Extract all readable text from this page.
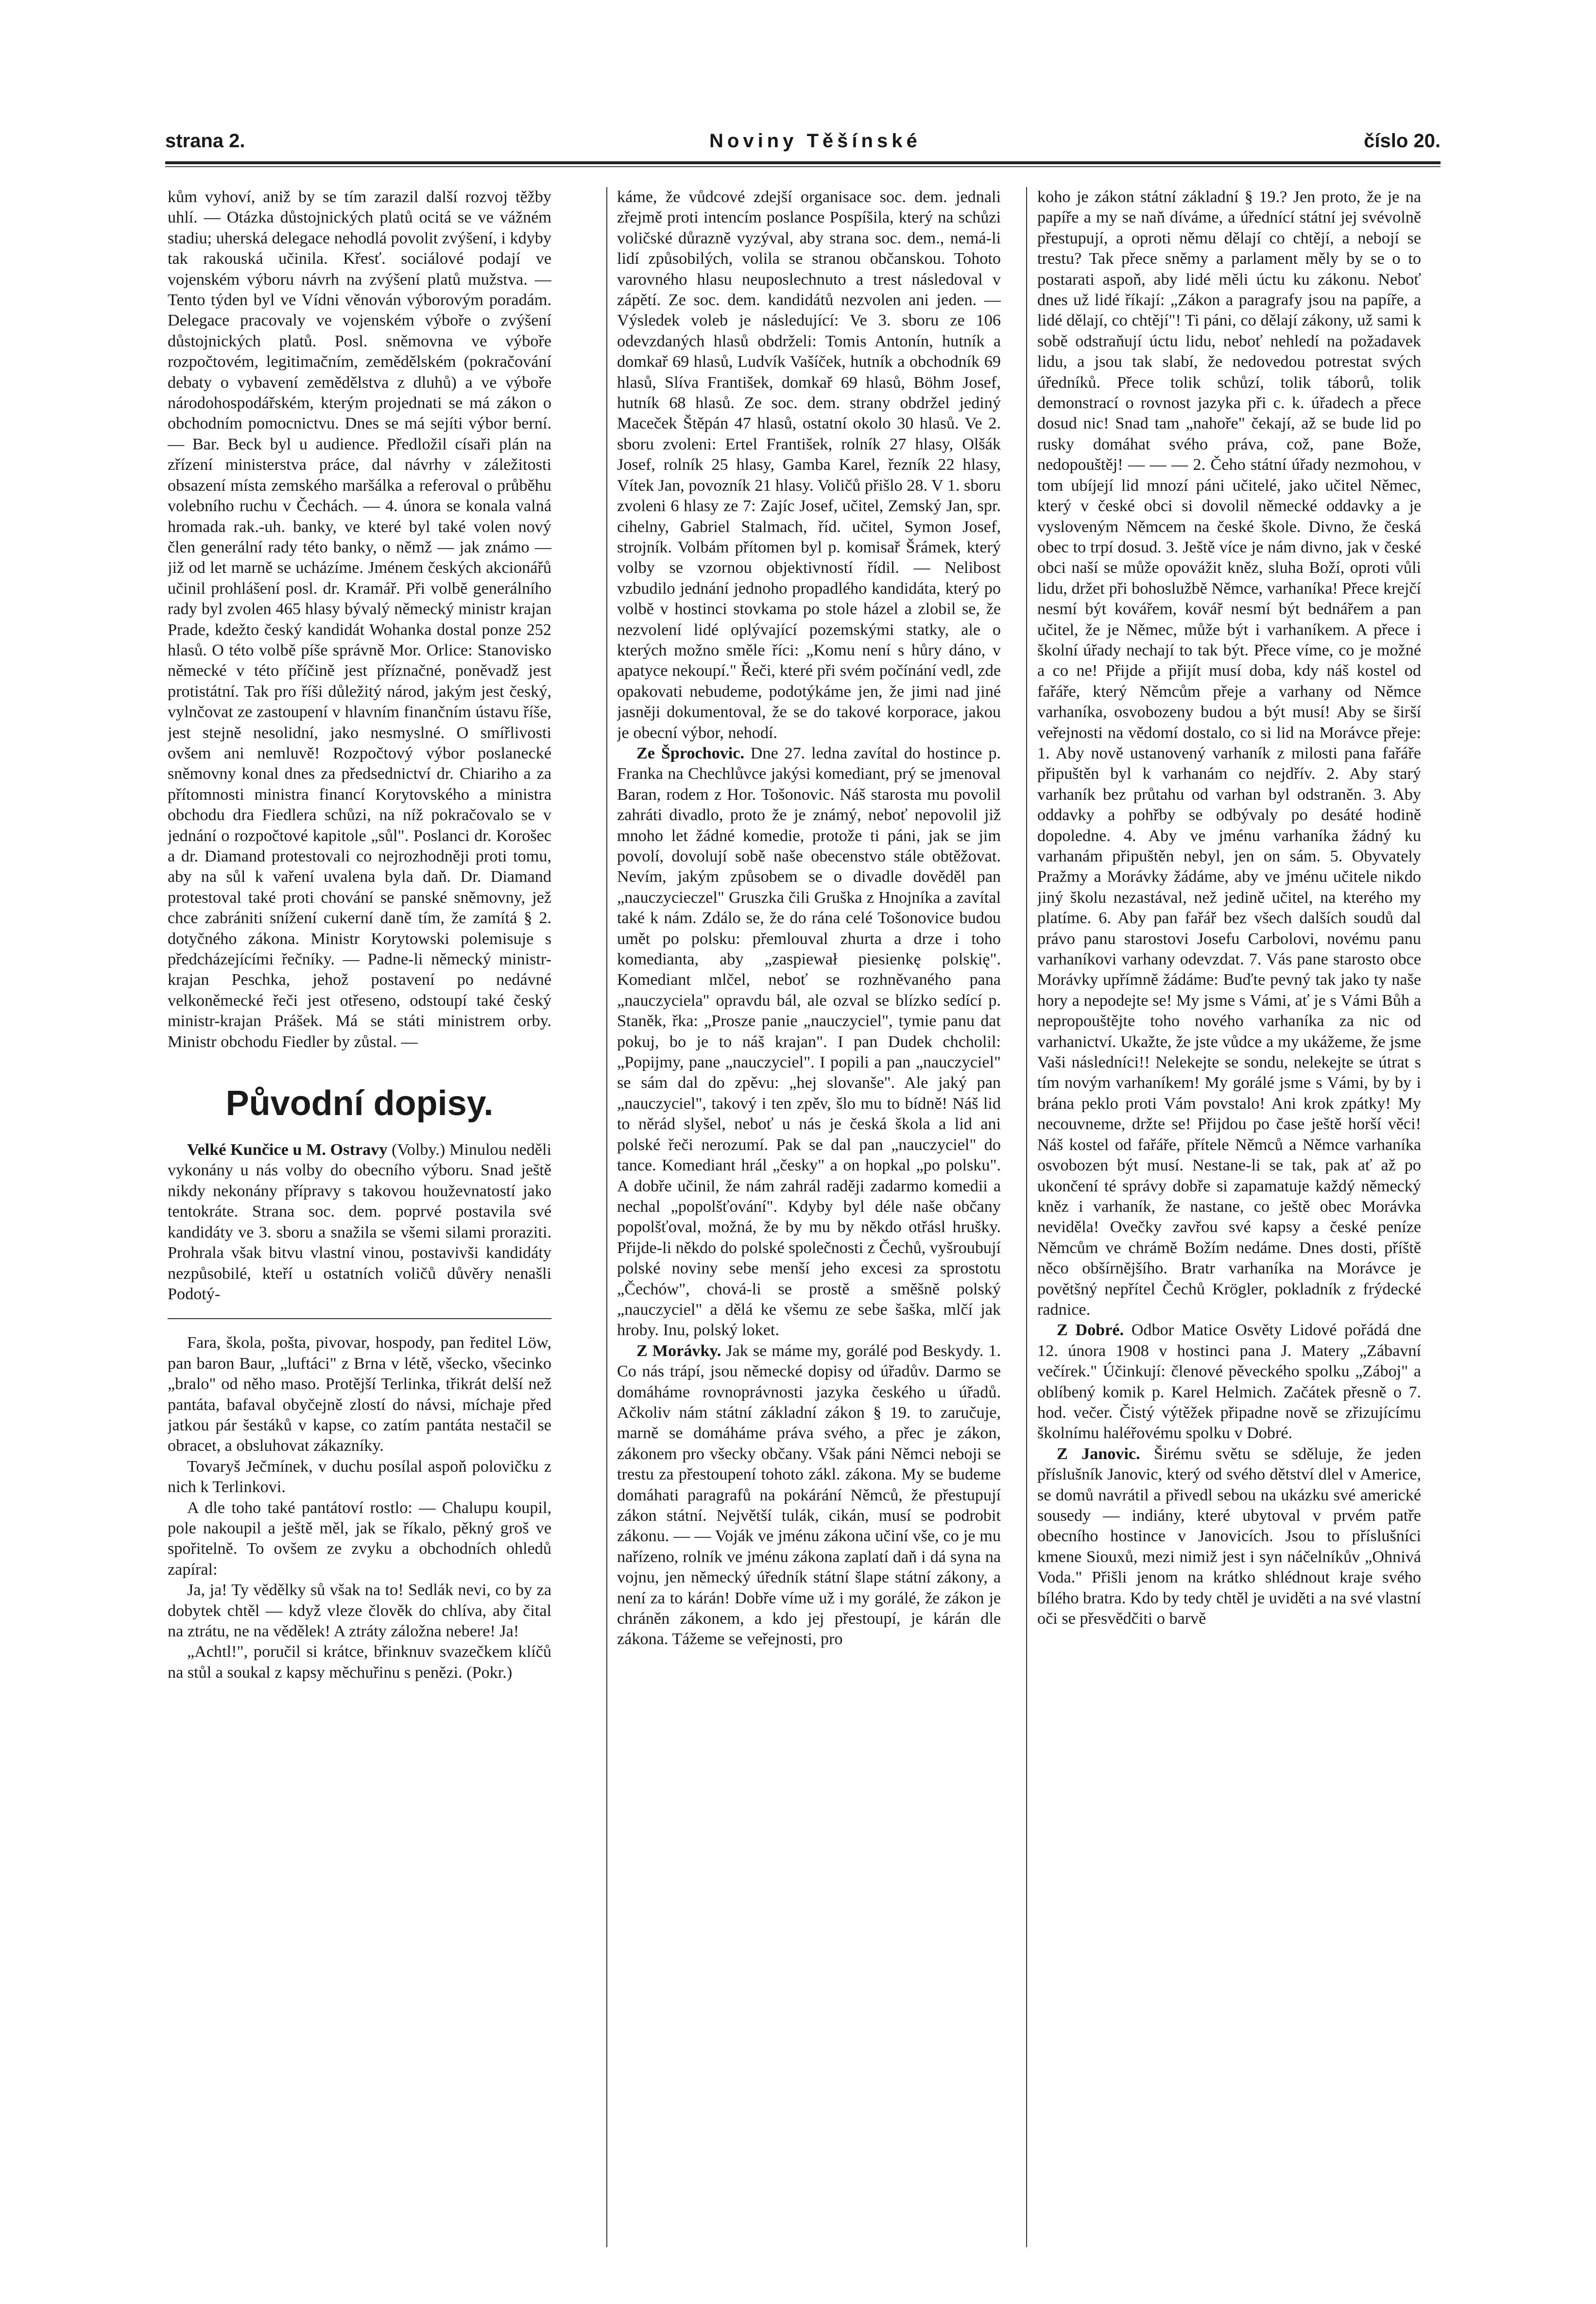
strana 2.	Noviny Těšínské	číslo 20.

kům vyhoví, aniž by se tím zarazil další rozvoj těžby uhlí. — Otázka důstojnických platů ocitá se ve vážném stadiu; uherská delegace nehodlá povolit zvýšení, i kdyby tak rakouská učinila. Křesť. sociálové podají ve vojenském výboru návrh na zvýšení platů mužstva. — Tento týden byl ve Vídni věnován výborovým poradám. Delegace pracovaly ve vojenském výboře o zvýšení důstojnických platů. Posl. sněmovna ve výboře rozpočtovém, legitimačním, zemědělském (pokračování debaty o vybavení zemědělstva z dluhů) a ve výboře národohospodářském, kterým projednati se má zákon o obchodním pomocnictvu. Dnes se má sejíti výbor berní. — Bar. Beck byl u audience. Předložil císaři plán na zřízení ministerstva práce, dal návrhy v záležitosti obsazení místa zemského maršálka a referoval o průběhu volebního ruchu v Čechách. — 4. února se konala valná hromada rak.-uh. banky, ve které byl také volen nový člen generální rady této banky, o němž — jak známo — již od let marně se ucházíme. Jménem českých akcionářů učinil prohlášení posl. dr. Kramář. Při volbě generálního rady byl zvolen 465 hlasy bývalý německý ministr krajan Prade, kdežto český kandidát Wohanka dostal ponze 252 hlasů. O této volbě píše správně Mor. Orlice: Stanovisko německé v této příčině jest příznačné, poněvadž jest protistátní. Tak pro říši důležitý národ, jakým jest český, vylnčovat ze zastoupení v hlavním finančním ústavu říše, jest stejně nesolidní, jako nesmyslné. O smířlivosti ovšem ani nemluvě! Rozpočtový výbor poslanecké sněmovny konal dnes za předsednictví dr. Chiariho a za přítomnosti ministra financí Korytovského a ministra obchodu dra Fiedlera schůzi, na níž pokračovalo se v jednání o rozpočtové kapitole „sůl". Poslanci dr. Korošec a dr. Diamand protestovali co nejrozhodněji proti tomu, aby na sůl k vaření uvalena byla daň. Dr. Diamand protestoval také proti chování se panské sněmovny, jež chce zabrániti snížení cukerní daně tím, že zamítá § 2. dotyčného zákona. Ministr Korytowski polemisuje s předcházejícími řečníky. — Padne-li německý ministr-krajan Peschka, jehož postavení po nedávné velkoněmecké řeči jest otřeseno, odstoupí také český ministr-krajan Prášek. Má se státi ministrem orby. Ministr obchodu Fiedler by zůstal. —

Původní dopisy.

Velké Kunčice u M. Ostravy (Volby.) Minulou neděli vykonány u nás volby do obecního výboru. Snad ještě nikdy nekonány přípravy s takovou houževnatostí jako tentokráte. Strana soc. dem. poprvé postavila své kandidáty ve 3. sboru a snažila se všemi silami proraziti. Prohrala však bitvu vlastní vinou, postavivši kandidáty nezpůsobilé, kteří u ostatních voličů důvěry nenašli Podotý-

Fara, škola, pošta, pivovar, hospody, pan ředitel Löw, pan baron Baur, „luftáci" z Brna v létě, všecko, všecinko „bralo" od něho maso. Protější Terlinka, třikrát delší než pantáta, bafaval obyčejně zlostí do návsi, míchaje před jatkou pár šestáků v kapse, co zatím pantáta nestačil se obracet, a obsluhovat zákazníky.

Tovaryš Ječmínek, v duchu posílal aspoň polovičku z nich k Terlinkovi.

A dle toho také pantátoví rostlo: — Chalupu koupil, pole nakoupil a ještě měl, jak se říkalo, pěkný groš ve spořitelně. To ovšem ze zvyku a obchodních ohledů zapíral:

Ja, ja! Ty vědělky sů však na to! Sedlák nevi, co by za dobytek chtěl — když vleze člověk do chlíva, aby čital na ztrátu, ne na vědělek! A ztráty záložna nebere! Ja!

„Achtl!", poručil si krátce, břinknuv svazečkem klíčů na stůl a soukal z kapsy měchuřinu s penězi. (Pokr.)

káme, že vůdcové zdejší organisace soc. dem. jednali zřejmě proti intencím poslance Pospíšila, který na schůzi voličské důrazně vyzýval, aby strana soc. dem., nemá-li lidí způsobilých, volila se stranou občanskou. Tohoto varovného hlasu neuposlechnuto a trest následoval v zápětí. Ze soc. dem. kandidátů nezvolen ani jeden. — Výsledek voleb je následující: Ve 3. sboru ze 106 odevzdaných hlasů obdrželi: Tomis Antonín, hutník a domkař 69 hlasů, Ludvík Vašíček, hutník a obchodník 69 hlasů, Slíva František, domkař 69 hlasů, Böhm Josef, hutník 68 hlasů. Ze soc. dem. strany obdržel jediný Maceček Štěpán 47 hlasů, ostatní okolo 30 hlasů. Ve 2. sboru zvoleni: Ertel František, rolník 27 hlasy, Olšák Josef, rolník 25 hlasy, Gamba Karel, řezník 22 hlasy, Vítek Jan, povozník 21 hlasy. Voličů přišlo 28. V 1. sboru zvoleni 6 hlasy ze 7: Zajíc Josef, učitel, Zemský Jan, spr. cihelny, Gabriel Stalmach, říd. učitel, Symon Josef, strojník. Volbám přítomen byl p. komisař Šrámek, který volby se vzornou objektivností řídil. — Nelibost vzbudilo jednání jednoho propadlého kandidáta, který po volbě v hostinci stovkama po stole házel a zlobil se, že nezvolení lidé oplývající pozemskými statky, ale o kterých možno směle říci: „Komu není s hůry dáno, v apatyce nekoupí." Řeči, které při svém počínání vedl, zde opakovati nebudeme, podotýkáme jen, že jimi nad jiné jasněji dokumentoval, že se do takové korporace, jakou je obecní výbor, nehodí.

Ze Šprochovic. Dne 27. ledna zavítal do hostince p. Franka na Chechlůvce jakýsi komediant, prý se jmenoval Baran, rodem z Hor. Tošonovic. Náš starosta mu povolil zahráti divadlo, proto že je známý, neboť nepovolil již mnoho let žádné komedie, protože ti páni, jak se jim povolí, dovolují sobě naše obecenstvo stále obtěžovat. Nevím, jakým způsobem se o divadle dověděl pan „nauczycieczel" Gruszka čili Gruška z Hnojníka a zavítal také k nám. Zdálo se, že do rána celé Tošonovice budou umět po polsku: přemlouval zhurta a drze i toho komedianta, aby „zaspiewał piesienkę polskię". Komediant mlčel, neboť se rozhněvaného pana „nauczyciela" opravdu bál, ale ozval se blízko sedící p. Staněk, řka: „Prosze panie „nauczyciel", tymie panu dat pokuj, bo je to náš krajan". I pan Dudek chcholil: „Popijmy, pane „nauczyciel". I popili a pan „nauczyciel" se sám dal do zpěvu: „hej slovanše". Ale jaký pan „nauczyciel", takový i ten zpěv, šlo mu to bídně! Náš lid to něrád slyšel, neboť u nás je česká škola a lid ani polské řeči nerozumí. Pak se dal pan „nauczyciel" do tance. Komediant hrál „česky" a on hopkal „po polsku". A dobře učinil, že nám zahrál raději zadarmo komedii a nechal „popolšťování". Kdyby byl déle naše občany popolšťoval, možná, že by mu by někdo otřásl hrušky. Přijde-li někdo do polské společnosti z Čechů, vyšroubují polské noviny sebe menší jeho excesi za sprostotu „Čechów", chová-li se prostě a směšně polský „nauczyciel" a dělá ke všemu ze sebe šaška, mlčí jak hroby. Inu, polský loket.

Z Morávky. Jak se máme my, gorálé pod Beskydy. 1. Co nás trápí, jsou německé dopisy od úřadův. Darmo se domáháme rovnoprávnosti jazyka českého u úřadů. Ačkoliv nám státní základní zákon § 19. to zaručuje, marně se domáháme práva svého, a přec je zákon, zákonem pro všecky občany. Však páni Němci neboji se trestu za přestoupení tohoto zákl. zákona. My se budeme domáhati paragrafů na pokárání Němců, že přestupují zákon státní. Největší tulák, cikán, musí se podrobit zákonu. — — Voják ve jménu zákona učiní vše, co je mu nařízeno, rolník ve jménu zákona zaplatí daň i dá syna na vojnu, jen německý úředník státní šlape státní zákony, a není za to kárán! Dobře víme už i my gorálé, že zákon je chráněn zákonem, a kdo jej přestoupí, je kárán dle zákona. Tážeme se veřejnosti, pro

koho je zákon státní základní § 19.? Jen proto, že je na papíře a my se naň díváme, a úřednící státní jej svévolně přestupují, a oproti němu dělají co chtějí, a nebojí se trestu? Tak přece sněmy a parlament měly by se o to postarati aspoň, aby lidé měli úctu ku zákonu. Neboť dnes už lidé říkají: „Zákon a paragrafy jsou na papíře, a lidé dělají, co chtějí"! Ti páni, co dělají zákony, už sami k sobě odstraňují úctu lidu, neboť nehledí na požadavek lidu, a jsou tak slabí, že nedovedou potrestat svých úředníků. Přece tolik schůzí, tolik táborů, tolik demonstrací o rovnost jazyka při c. k. úřadech a přece dosud nic! Snad tam „nahoře" čekají, až se bude lid po rusky domáhat svého práva, což, pane Bože, nedopouštěj! — — — 2. Čeho státní úřady nezmohou, v tom ubíjejí lid mnozí páni učitelé, jako učitel Němec, který v české obci si dovolil německé oddavky a je vysloveným Němcem na české škole. Divno, že česká obec to trpí dosud. 3. Ještě více je nám divno, jak v české obci naší se může opovážit kněz, sluha Boží, oproti vůli lidu, držet při bohoslužbě Němce, varhaníka! Přece krejčí nesmí být kovářem, kovář nesmí být bednářem a pan učitel, že je Němec, může být i varhaníkem. A přece i školní úřady nechají to tak být. Přece víme, co je možné a co ne! Přijde a přijít musí doba, kdy náš kostel od fařáře, který Němcům přeje a varhany od Němce varhaníka, osvobozeny budou a být musí! Aby se širší veřejnosti na vědomí dostalo, co si lid na Morávce přeje: 1. Aby nově ustanovený varhaník z milosti pana fařáře připuštěn byl k varhanám co nejdřív. 2. Aby starý varhaník bez průtahu od varhan byl odstraněn. 3. Aby oddavky a pohřby se odbývaly po desáté hodině dopoledne. 4. Aby ve jménu varhaníka žádný ku varhanám připuštěn nebyl, jen on sám. 5. Obyvately Pražmy a Morávky žádáme, aby ve jménu učitele nikdo jiný školu nezastával, než jedině učitel, na kterého my platíme. 6. Aby pan fařář bez všech dalších soudů dal právo panu starostovi Josefu Carbolovi, novému panu varhaníkovi varhany odevzdat. 7. Vás pane starosto obce Morávky upřímně žádáme: Buďte pevný tak jako ty naše hory a nepodejte se! My jsme s Vámi, ať je s Vámi Bůh a nepropouštějte toho nového varhaníka za nic od varhanictví. Ukažte, že jste vůdce a my ukážeme, že jsme Vaši následníci!! Nelekejte se sondu, nelekejte se útrat s tím novým varhaníkem! My gorálé jsme s Vámi, by by i brána peklo proti Vám povstalo! Ani krok zpátky! My necouvneme, držte se! Přijdou po čase ještě horší věci! Náš kostel od fařáře, přítele Němců a Němce varhaníka osvobozen být musí. Nestane-li se tak, pak ať až po ukončení té správy dobře si zapamatuje každý německý kněz i varhaník, že nastane, co ještě obec Morávka neviděla! Ovečky zavřou své kapsy a české peníze Němcům ve chrámě Božím nedáme. Dnes dosti, příště něco obšírnějšího. Bratr varhaníka na Morávce je povětšný nepřítel Čechů Krögler, pokladník z frýdecké radnice.

Z Dobré. Odbor Matice Osvěty Lidové pořádá dne 12. února 1908 v hostinci pana J. Matery „Zábavní večírek." Účinkují: členové pěveckého spolku „Záboj" a oblíbený komik p. Karel Helmich. Začátek přesně o 7. hod. večer. Čistý výtěžek připadne nově se zřizujícímu školnímu haléřovému spolku v Dobré.

Z Janovic. Širému světu se sděluje, že jeden příslušník Janovic, který od svého dětství dlel v Americe, se domů navrátil a přivedl sebou na ukázku své americké sousedy — indiány, které ubytoval v prvém patře obecního hostince v Janovicích. Jsou to příslušníci kmene Siouxů, mezi nimiž jest i syn náčelníkův „Ohnivá Voda." Přišli jenom na krátko shlédnout kraje svého bílého bratra. Kdo by tedy chtěl je uviděti a na své vlastní oči se přesvědčiti o barvě
